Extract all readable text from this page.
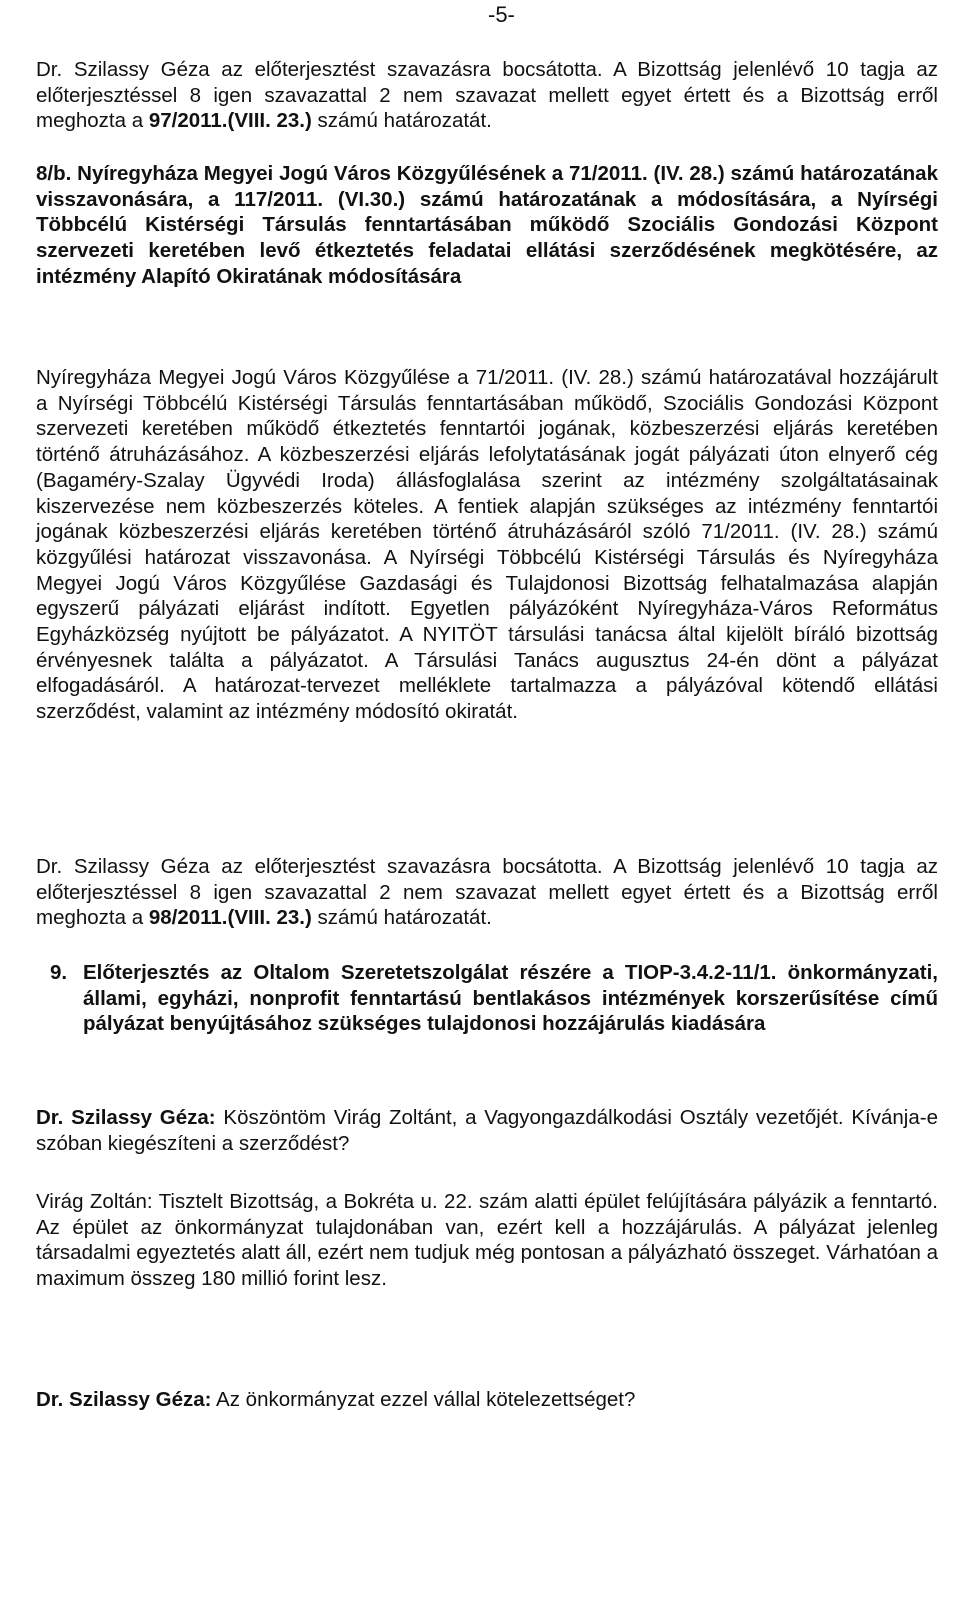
-5-

Dr. Szilassy Géza az előterjesztést szavazásra bocsátotta. A Bizottság jelenlévő 10 tagja az előterjesztéssel 8 igen szavazattal 2 nem szavazat mellett egyet értett és a Bizottság erről meghozta a 97/2011.(VIII. 23.) számú határozatát.

8/b. Nyíregyháza Megyei Jogú Város Közgyűlésének a 71/2011. (IV. 28.) számú határozatának visszavonására, a 117/2011. (VI.30.) számú határozatának a módosítására, a Nyírségi Többcélú Kistérségi Társulás fenntartásában működő Szociális Gondozási Központ szervezeti keretében levő étkeztetés feladatai ellátási szerződésének megkötésére, az intézmény Alapító Okiratának módosítására

Nyíregyháza Megyei Jogú Város Közgyűlése a 71/2011. (IV. 28.) számú határozatával hozzájárult a Nyírségi Többcélú Kistérségi Társulás fenntartásában működő, Szociális Gondozási Központ szervezeti keretében működő étkeztetés fenntartói jogának, közbeszerzési eljárás keretében történő átruházásához. A közbeszerzési eljárás lefolytatásának jogát pályázati úton elnyerő cég (Bagaméry-Szalay Ügyvédi Iroda) állásfoglalása szerint az intézmény szolgáltatásainak kiszervezése nem közbeszerzés köteles. A fentiek alapján szükséges az intézmény fenntartói jogának közbeszerzési eljárás keretében történő átruházásáról szóló 71/2011. (IV. 28.) számú közgyűlési határozat visszavonása. A Nyírségi Többcélú Kistérségi Társulás és Nyíregyháza Megyei Jogú Város Közgyűlése Gazdasági és Tulajdonosi Bizottság felhatalmazása alapján egyszerű pályázati eljárást indított. Egyetlen pályázóként Nyíregyháza-Város Református Egyházközség nyújtott be pályázatot. A NYITÖT társulási tanácsa által kijelölt bíráló bizottság érvényesnek találta a pályázatot. A Társulási Tanács augusztus 24-én dönt a pályázat elfogadásáról. A határozat-tervezet melléklete tartalmazza a pályázóval kötendő ellátási szerződést, valamint az intézmény módosító okiratát.

Dr. Szilassy Géza az előterjesztést szavazásra bocsátotta. A Bizottság jelenlévő 10 tagja az előterjesztéssel 8 igen szavazattal 2 nem szavazat mellett egyet értett és a Bizottság erről meghozta a 98/2011.(VIII. 23.) számú határozatát.

9. Előterjesztés az Oltalom Szeretetszolgálat részére a TIOP-3.4.2-11/1. önkormányzati, állami, egyházi, nonprofit fenntartású bentlakásos intézmények korszerűsítése című pályázat benyújtásához szükséges tulajdonosi hozzájárulás kiadására

Dr. Szilassy Géza: Köszöntöm Virág Zoltánt, a Vagyongazdálkodási Osztály vezetőjét. Kívánja-e szóban kiegészíteni a szerződést?

Virág Zoltán: Tisztelt Bizottság, a Bokréta u. 22. szám alatti épület felújítására pályázik a fenntartó. Az épület az önkormányzat tulajdonában van, ezért kell a hozzájárulás. A pályázat jelenleg társadalmi egyeztetés alatt áll, ezért nem tudjuk még pontosan a pályázható összeget. Várhatóan a maximum összeg 180 millió forint lesz.

Dr. Szilassy Géza: Az önkormányzat ezzel vállal kötelezettséget?
